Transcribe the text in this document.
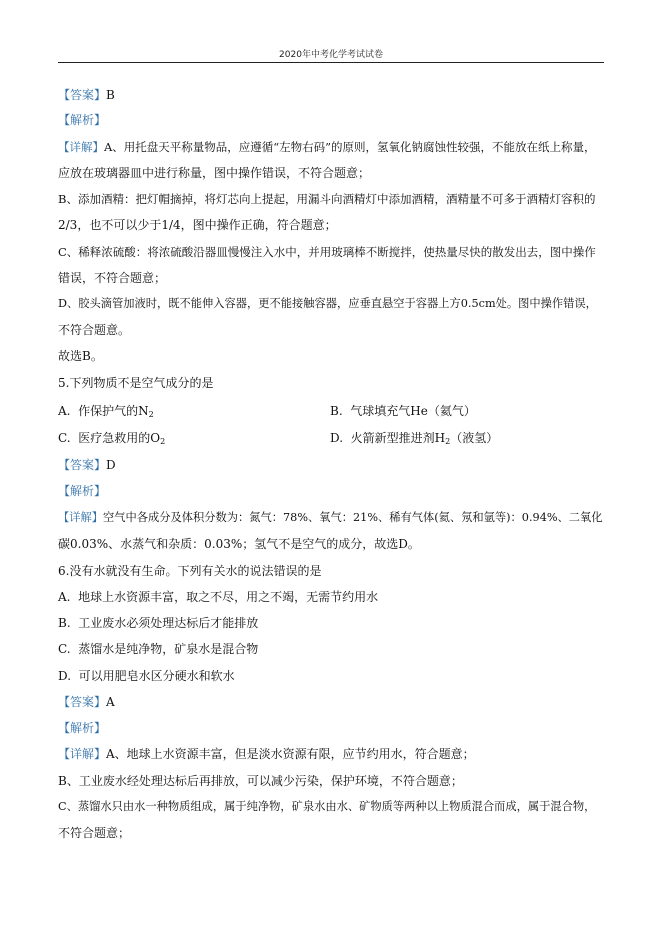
2020年中考化学考试试卷
【答案】B
【解析】
【详解】A、用托盘天平称量物品，应遵循“左物右码”的原则，氢氧化钠腐蚀性较强，不能放在纸上称量，
应放在玻璃器皿中进行称量，图中操作错误，不符合题意；
B、添加酒精：把灯帽摘掉，将灯芯向上提起，用漏斗向酒精灯中添加酒精，酒精量不可多于酒精灯容积的
2/3，也不可以少于1/4，图中操作正确，符合题意；
C、稀释浓硫酸：将浓硫酸沿器皿慢慢注入水中，并用玻璃棒不断搅拌，使热量尽快的散发出去，图中操作
错误，不符合题意；
D、胶头滴管加液时，既不能伸入容器，更不能接触容器，应垂直悬空于容器上方0.5cm处。图中操作错误，
不符合题意。
故选B。
5.下列物质不是空气成分的是
A. 作保护气的$N_2$	B. 气球填充气He（氦气）
C. 医疗急救用的$O_2$	D. 火箭新型推进剂$H_2$（液氢）
【答案】D
【解析】
【详解】空气中各成分及体积分数为：氮气：78%、氧气：21%、稀有气体(氦、氖和氩等)：0.94%、二氧化
碳0.03%、水蒸气和杂质：0.03%；氢气不是空气的成分，故选D。
6.没有水就没有生命。下列有关水的说法错误的是
A. 地球上水资源丰富，取之不尽，用之不竭，无需节约用水
B. 工业废水必须处理达标后才能排放
C. 蒸馏水是纯净物，矿泉水是混合物
D. 可以用肥皂水区分硬水和软水
【答案】A
【解析】
【详解】A、地球上水资源丰富，但是淡水资源有限，应节约用水，符合题意；
B、工业废水经处理达标后再排放，可以减少污染，保护环境，不符合题意；
C、蒸馏水只由水一种物质组成，属于纯净物，矿泉水由水、矿物质等两种以上物质混合而成，属于混合物，
不符合题意；
